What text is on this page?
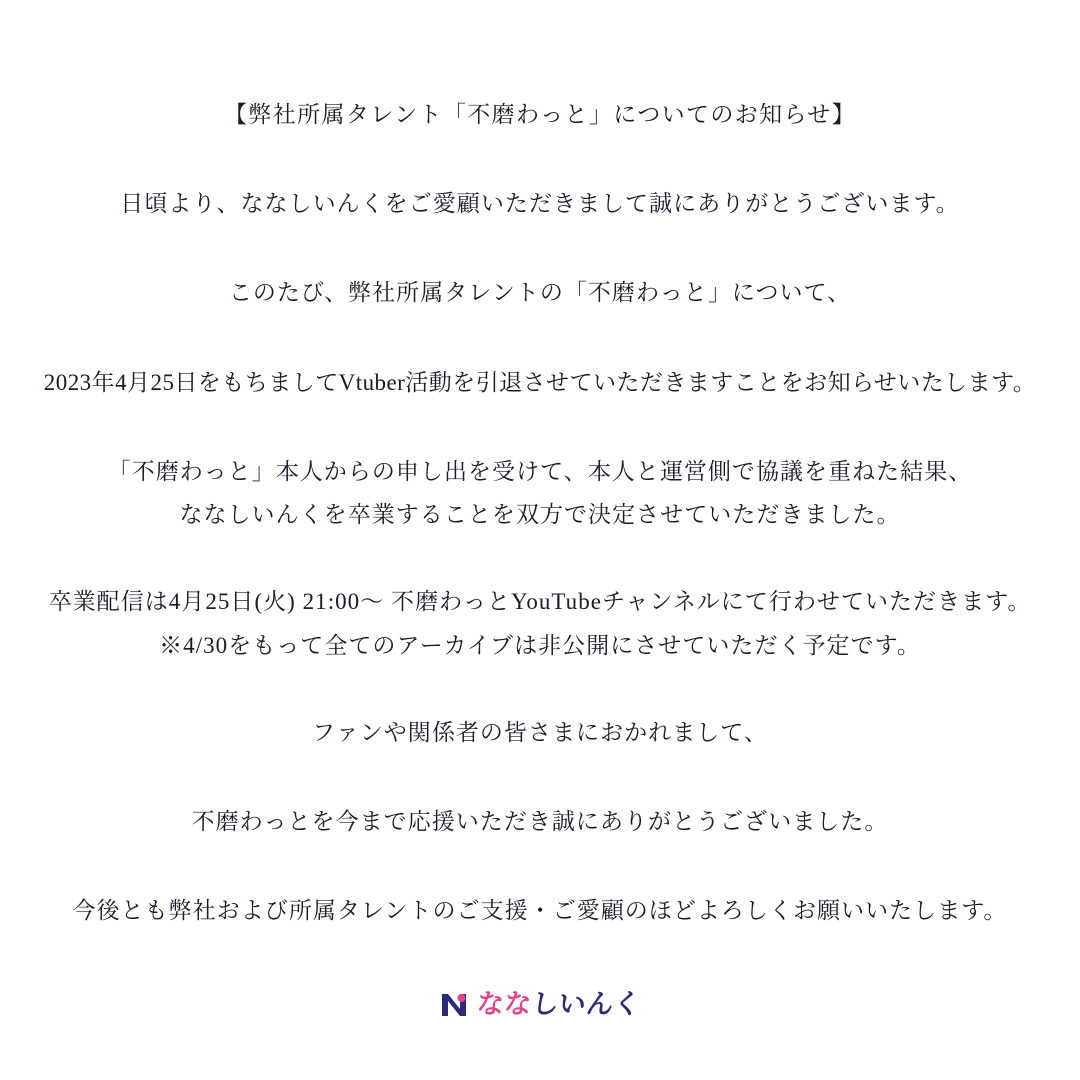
【弊社所属タレント「不磨わっと」についてのお知らせ】
日頃より、ななしいんくをご愛顧いただきまして誠にありがとうございます。
このたび、弊社所属タレントの「不磨わっと」について、
2023年4月25日をもちましてVtuber活動を引退させていただきますことをお知らせいたします。
「不磨わっと」本人からの申し出を受けて、本人と運営側で協議を重ねた結果、
ななしいんくを卒業することを双方で決定させていただきました。
卒業配信は4月25日(火) 21:00〜 不磨わっとYouTubeチャンネルにて行わせていただきます。
※4/30をもって全てのアーカイブは非公開にさせていただく予定です。
ファンや関係者の皆さまにおかれまして、
不磨わっとを今まで応援いただき誠にありがとうございました。
今後とも弊社および所属タレントのご支援・ご愛顧のほどよろしくお願いいたします。
ななしいんく
